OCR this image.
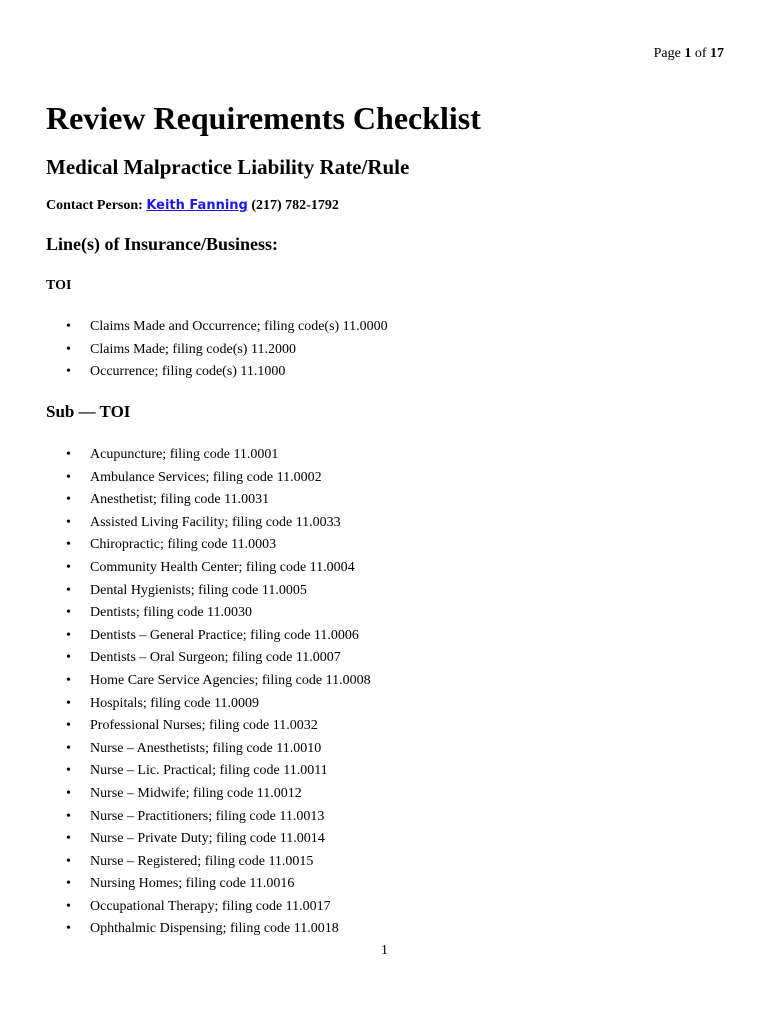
Page 1 of 17
Review Requirements Checklist
Medical Malpractice Liability Rate/Rule
Contact Person: Keith Fanning (217) 782-1792
Line(s) of Insurance/Business:
TOI
• Claims Made and Occurrence; filing code(s) 11.0000
• Claims Made; filing code(s) 11.2000
• Occurrence; filing code(s) 11.1000
Sub — TOI
• Acupuncture; filing code 11.0001
• Ambulance Services; filing code 11.0002
• Anesthetist; filing code 11.0031
• Assisted Living Facility; filing code 11.0033
• Chiropractic; filing code 11.0003
• Community Health Center; filing code 11.0004
• Dental Hygienists; filing code 11.0005
• Dentists; filing code 11.0030
• Dentists – General Practice; filing code 11.0006
• Dentists – Oral Surgeon; filing code 11.0007
• Home Care Service Agencies; filing code 11.0008
• Hospitals; filing code 11.0009
• Professional Nurses; filing code 11.0032
• Nurse – Anesthetists; filing code 11.0010
• Nurse – Lic. Practical; filing code 11.0011
• Nurse – Midwife; filing code 11.0012
• Nurse – Practitioners; filing code 11.0013
• Nurse – Private Duty; filing code 11.0014
• Nurse – Registered; filing code 11.0015
• Nursing Homes; filing code 11.0016
• Occupational Therapy; filing code 11.0017
• Ophthalmic Dispensing; filing code 11.0018
1
